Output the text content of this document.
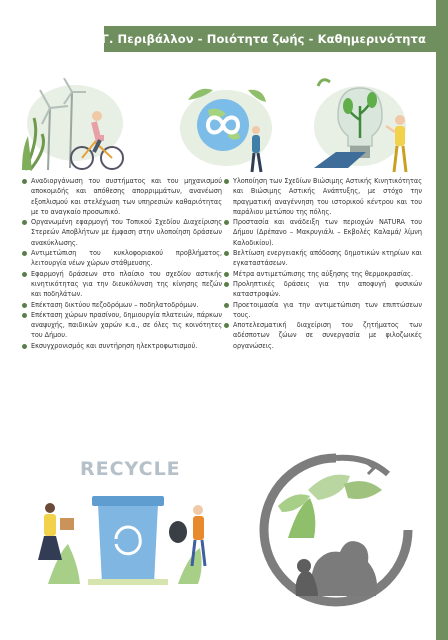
Γ. Περιβάλλον - Ποιότητα ζωής - Καθημερινότητα
Αναδιοργάνωση του συστήματος και του μηχανισμού αποκομιδής και απόθεσης απορριμμάτων, ανανέωση εξοπλισμού και στελέχωση των υπηρεσιών καθαριότητας με το αναγκαίο προσωπικό.
Οργανωμένη εφαρμογή του Τοπικού Σχεδίου Διαχείρισης Στερεών Αποβλήτων με έμφαση στην υλοποίηση δράσεων ανακύκλωσης.
Αντιμετώπιση του κυκλοφοριακού προβλήματος, λειτουργία νέων χώρων στάθμευσης.
Εφαρμογή δράσεων στο πλαίσιο του σχεδίου αστικής κινητικότητας για την διευκόλυνση της κίνησης πεζών και ποδηλάτων.
Επέκταση δικτύου πεζοδρόμων – ποδηλατοδρόμων.
Επέκταση χώρων πρασίνου, δημιουργία πλατειών, πάρκων αναψυχής, παιδικών χαρών κ.α., σε όλες τις κοινότητες του Δήμου.
Εκσυγχρονισμός και συντήρηση ηλεκτροφωτισμού.
Υλοποίηση των Σχεδίων Βιώσιμης Αστικής Κινητικότητας και Βιώσιμης Αστικής Ανάπτυξης, με στόχο την πραγματική αναγέννηση του ιστορικού κέντρου και του παράλιου μετώπου της πόλης.
Προστασία και ανάδειξη των περιοχών NATURA του Δήμου (Δρέπανο – Μακρυγιάλι – Εκβολές Καλαμά/ λίμνη Καλοδικίου).
Βελτίωση ενεργειακής απόδοσης δημοτικών κτηρίων και εγκαταστάσεων.
Μέτρα αντιμετώπισης της αύξησης της θερμοκρασίας.
Προληπτικές δράσεις για την αποφυγή φυσικών καταστροφών.
Προετοιμασία για την αντιμετώπιση των επιπτώσεων τους.
Αποτελεσματική διαχείριση του ζητήματος των αδέσποτων ζώων σε συνεργασία με φιλοζωικές οργανώσεις.
RECYCLE
